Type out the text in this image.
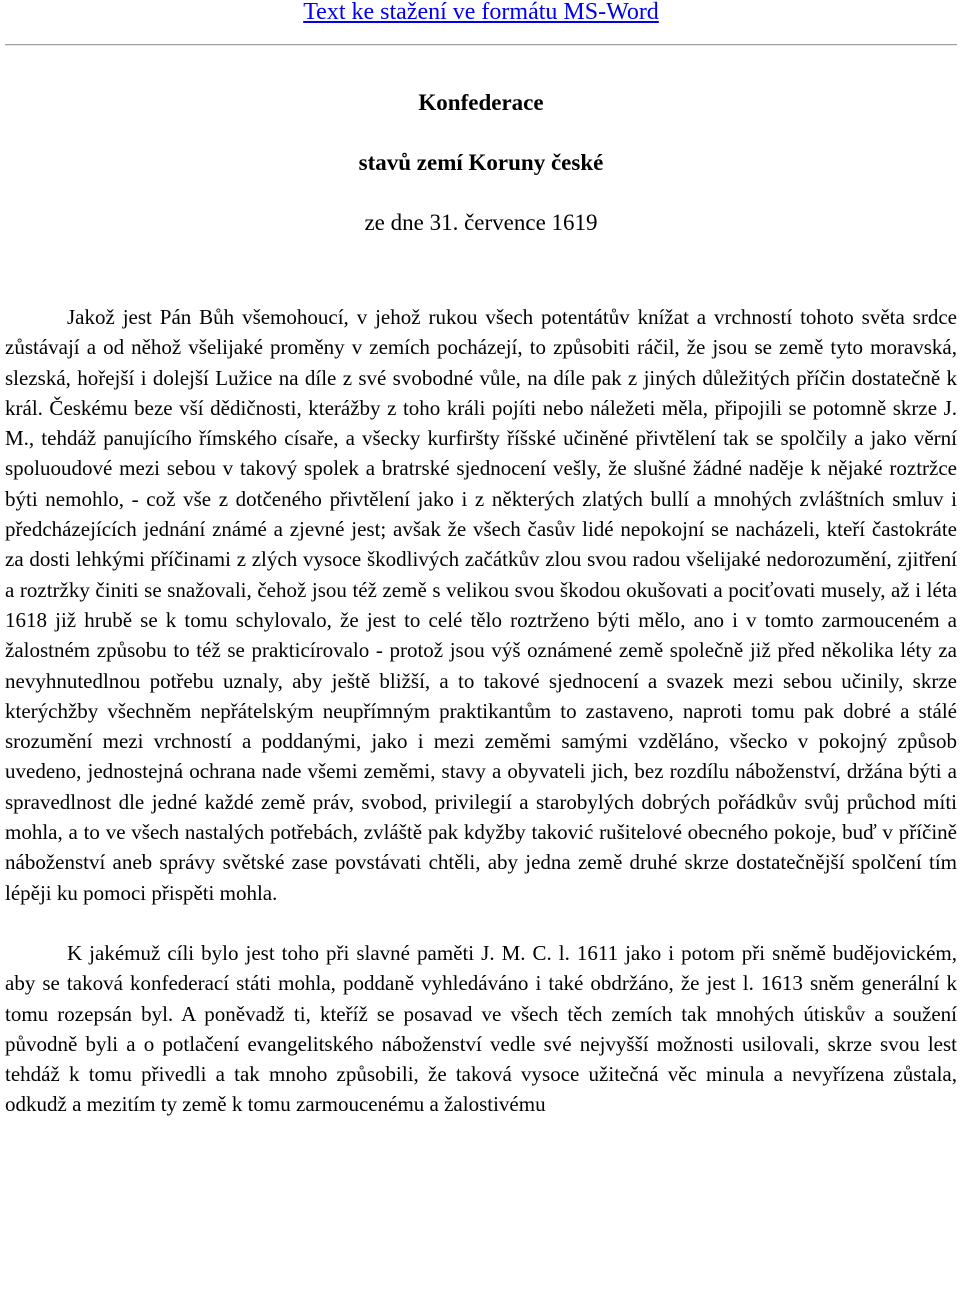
Text ke stažení ve formátu MS-Word
Konfederace
stavů zemí Koruny české
ze dne 31. července 1619

Jakož jest Pán Bůh všemohoucí, v jehož rukou všech potentátův knížat a vrchností tohoto světa srdce zůstávají a od něhož všelijaké proměny v zemích pocházejí, to způsobiti ráčil, že jsou se země tyto moravská, slezská, hořejší i dolejší Lužice na díle z své svobodné vůle, na díle pak z jiných důležitých příčin dostatečně k král. Českému beze vší dědičnosti, kterážby z toho králi pojíti nebo náležeti měla, připojili se potomně skrze J. M., tehdáž panujícího římského císaře, a všecky kurfiršty říšské učiněné přivtělení tak se spolčily a jako věrní spoluoudové mezi sebou v takový spolek a bratrské sjednocení vešly, že slušné žádné naděje k nějaké roztržce býti nemohlo, - což vše z dotčeného přivtělení jako i z některých zlatých bullí a mnohých zvláštních smluv i předcházejících jednání známé a zjevné jest; avšak že všech časův lidé nepokojní se nacházeli, kteří častokráte za dosti lehkými příčinami z zlých vysoce škodlivých začátkův zlou svou radou všelijaké nedorozumění, zjitření a roztržky činiti se snažovali, čehož jsou též země s velikou svou škodou okušovati a pociťovati musely, až i léta 1618 již hrubě se k tomu schylovalo, že jest to celé tělo roztrženo býti mělo, ano i v tomto zarmouceném a žalostném způsobu to též se prakticírovalo - protož jsou výš oznámené země společně již před několika léty za nevyhnutedlnou potřebu uznaly, aby ještě bližší, a to takové sjednocení a svazek mezi sebou učinily, skrze kterýchžby všechněm nepřátelským neupřímným praktikantům to zastaveno, naproti tomu pak dobré a stálé srozumění mezi vrchností a poddanými, jako i mezi zeměmi samými vzděláno, všecko v pokojný způsob uvedeno, jednostejná ochrana nade všemi zeměmi, stavy a obyvateli jich, bez rozdílu náboženství, držána býti a spravedlnost dle jedné každé země práv, svobod, privilegií a starobylých dobrých pořádkův svůj průchod míti mohla, a to ve všech nastalých potřebách, zvláště pak kdyžby taković rušitelové obecného pokoje, buď v příčině náboženství aneb správy světské zase povstávati chtěli, aby jedna země druhé skrze dostatečnější spolčení tím lépěji ku pomoci přispěti mohla.

K jakémuž cíli bylo jest toho při slavné paměti J. M. C. l. 1611 jako i potom při sněmě budějovickém, aby se taková konfederací státi mohla, poddaně vyhledáváno i také obdržáno, že jest l. 1613 sněm generální k tomu rozepsán byl. A poněvadž ti, kteříž se posavad ve všech těch zemích tak mnohých útiskův a soužení původně byli a o potlačení evangelitského náboženství vedle své nejvyšší možnosti usilovali, skrze svou lest tehdáž k tomu přivedli a tak mnoho způsobili, že taková vysoce užitečná věc minula a nevyřízena zůstala, odkudž a mezitím ty země k tomu zarmoucenému a žalostivému
